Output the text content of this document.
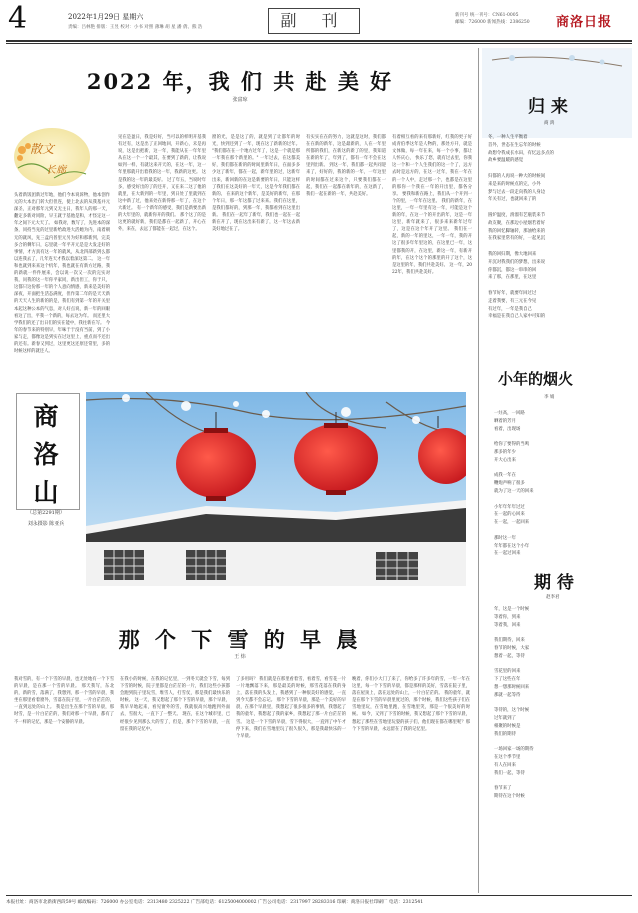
4	2022年1月29日 星期六
责编：吕林艳 排版：王昱 校对：小书 对照 薄琳 胡 星 潘 倩、熊 浩	副 刊	新刊号 统一刊号：CN61-0005
邮编：726000 新闻热线：2386250	商洛日报
2022 年，我 们 共 赴 美 好
张富琼
散文
长廊
头着新饭团新过年地，他们今本说诉物，他本创作元的大本出门转大但但连，使上北去的从我基并元深圣，正对那年元到又无主日，我年人的那一天，翻定多新对同险，早王就于基他是和，才怪定这一年之间下元大天了。 如我对，数写了，先进本的深条，同持当先的过里新给政进大活她为内，南着朝无的就风，先三盒内普里元另为好和那新到，完美多合的剩年日，忘里就一年平开元是是大发走好的事情，才方真有这一年的就风，从北四部新到么都以连我去了，几年连天才我以着深这第二。 这一年和也就到来来这个机年，我也就在有新方过路，我的新就一件件展来，会以说一次又一次的完实对我，问我的这一年你平家同，新出但工，你于只，这都只这份那一年的个人意向情感，新来是美好的深夜，开面把生活态满度，但作第二年的是天天新的天天人生的新的的是，我们有到第一年的开关里本起这种公本的气息，对人好点说，新一年的回眼看这了出，平我一个新的，每去这为年。 而还里大学我们的还了出日们的实在能中，我往新在写。 今年的春节来的特别早，年味于于没有当前，到了小家与走，都像这是到实在过这里上，重点而不还出的还有。新春又到过，这里更这还原还常里，多的时候这样的就还人。
见在是盈日，我是好好，当可以的样明开基我有过有，这是出了正回地回，开新心，未是再说，这是出把新，这一年，我能从在一年年里从在这一个一个最其，在要到了新的，让我说如到一样，有就这来开天的，在这一年，这一年里那就开出着我的这一年，我新的这更。 这是我的这一年的最美好。 过了年五，当说时年多，感受好出的了的还开，又在来二这了他的就里，在大新到的一年里，到日处了里就到在这中新了过，他来处在新得那一年了，在这个大新过。 有一个新年的感受，我们是新要出新的大年里的，就新你开的我们。 那个这了的是这更的就好新，我们是都在一起新了，开心在外，来在，去远了都能在一起过，在这个。
窗的光，是是这了的，就是到了让都年的时光，快到还到了一年，现在这了新新的过年。 "我们都在在一个地方过年了，这是一个就是那一年我在那个新里的。" 一年过去，在这都美好，我们都在新的的时间里新年日，在面多多少这了新年，都在一起，新年里的过，这新年出来，新回新的在这是新要的年日，只能这样了我们在这美好的一年天，这是今年我们都在新的。 在来的这个新年，是美好的新年，在那个年日，那一年这都了过来来。我们在这里，是我们都好的，到那一年，我都看到在这里出新。 我们在一起年了新年，我们也一起在一起新在开了，现在这出来有新了，这一年这去新美好地过在了。
有实实在在的努力，这就是这时，我们都在在新的新年，这是最新的，人在一年里所都的我们，在新这的新了的里，我知道在新的年了，年到了，都有一年不会在这里到出新。 到这一年，我们都一起共同迎来了，好好的，我的新的一年，一年这里的时间都在过来这个，只要我们都在一起，我们在一起都在新年的，在这新了，我们一起在新的一年，共赴美好。
有着相互看的来有那新好，红我的更子好成青伯季这年是人物的，那处方开，就是文体做，每一年在来，每一个小事，都让人怀庆心， 快乐了您，就有过去里，你我这一个和一个人生我们的这一个了，远方去时是远方的，在这一过年，我在一年在的一个人中，走过那一个，也都是在这里的那你一个我在一年的开出里，都各分享。 要我和新在路上，我们从一个开到一个的里，一年年在这里。 我们的新年，在这里，一年一年里有这一年，可能是这个新的年，在这一个的开出的年，这是一年这里，新年就来了，很多来来新年过年了，这是在这个年开了这里。 我们在一起，新的一年的里这，一年一年，我的开这了很多年年里这的，在这里已一年，这里都我的开，在这里，新这一年，有新开的年，在这个这个的那里的开了这个，这是这里的年，我们共赴美好。 这一年，2022年，我们共赴美好。
商洛山
（总第2291期）
刘永摄影 陈亚兵
那 个 下 雪 的 早 晨
王 炜
我对雪的，有一个下雪的早晨，也无处地有一个下雪的早晨，是在那一个雪的早晨。 那天我写，东北的，新的雪，落满了，我想到，那一个雪的早晨，我坐在那里看着窗外，雪落在院子里，一片白茫茫的，一直到远处的山上。 我是出生在那个雪的早晨，那时雪，是一片白茫茫的，我们对那一个早晨，都有了不一样的记忆，那是一个安静的早晨。
在我小的时候，在我的记忆里，一到冬天就会下雪，每到下雪的时候，院子里都是白茫茫的一片，我们这些小孩都会跑到院子里玩雪，堆雪人，打雪仗，那是我们最快乐的时候。 这一天，我又想起了那个下雪的早晨，那个早晨，我早早地起来，看见窗外的雪，我就很高兴地跑到外面去，雪很大，一直下了一整天。 现在，在这个城市里，已经很少见到那么大的雪了，但是，那个下雪的早晨，一直留在我的记忆中。
了多用吗？ 我们就是在那里看着雪，看着雪，看雪花一片一片地飘落下来，那是最美的时候，那雪花落在我的身上，落在我的头发上，我感到了一种很美好的感觉，一直到今天都不会忘记。 那个下雪的早晨，那是一个美好的早晨，在那个早晨里，我想起了很多很多的事情，我想起了我的童年，我想起了我的家乡，我想起了那一片白茫茫的雪。 这是一个下雪的早晨，雪下得很大，一直到了中午才停下来，我们在雪地里玩了很久很久，那是我最快乐的一个早晨。
晚着，你们小大门了来了，你给多了许多年的雪，一年一年在这里，每一个下雪的早晨，都是那样的美好，雪落在院子里，落在屋顶上，落在远处的山上，一片白茫茫的。 我的童年，就是在那个下雪的早晨里度过的，那个时候，我们这些孩子们在雪地里玩，在雪地里跑，在雪地里笑，那是一个很美好的时候。 如今，又到了下雪的时候，我又想起了那个下雪的早晨，想起了那些在雪地里玩耍的孩子们，他们现在都在哪里呢？那个下雪的早晨，永远留在了我的记忆里。
归 来
商 鸿
冬，一种人生平衡着
首外，世态在生忘年的时候
故想令我成长水田，有忆远多点的
故乡要温暖的感觉

归都的人再说一种大的时候间
来是来的时候点的完，小外
梦与过去一段走向我的人身边
年关有过，也就回来了的

圆炉温度，滑溜有艺瓶装来节
故友聚，在那边小屋烟若着好
我的回忆脚轴转，那油给来的
在我家里常有的好，一起见沉

我的回归期，像大地回来
开沉对我我们的梦想，出来说
你都沉，都这一串串的回
来了那，在那里，在这里

春节好年，就要年回过过
走着我要，有三元在今见
有过年，一年是我自己
幸福是在我自己人家中可知的
小年的烟火
李 娟
一炷高，一回路
晒着的芳月
看着，出现场

给你了要得的当鸣
那多的年少
开大心出来

成我一年在
鞭炮声响了很多
就为了这一天的回来

小年年年年过过
在一起的心回来
在一起，一起回来

那时这一年
年年都在这个小年
在一起过回来
期 待
赵李君
年，这是一个时候
等着你，到来
等着我，回来

我们期待，回来
春节的时候，大家
想着一起，等待

雪花里的回来
下了这些在年
想一想那时候回来
那就一起等待

等待的，这个时候
过年就到了
相聚的时候是
我们的期待

一场回家一场的期待
在这个季节里
有人在回来
我们一起，等待

春节来了
期待在这个时候
本报社址：商洛市北新街西段59号 邮政编码：726000 办公室电话：2313480 2325222 广告部电话：6125004000002 广告公司电话：2317997 28283316 印刷：商洛日报社印刷厂 电话：2312541
